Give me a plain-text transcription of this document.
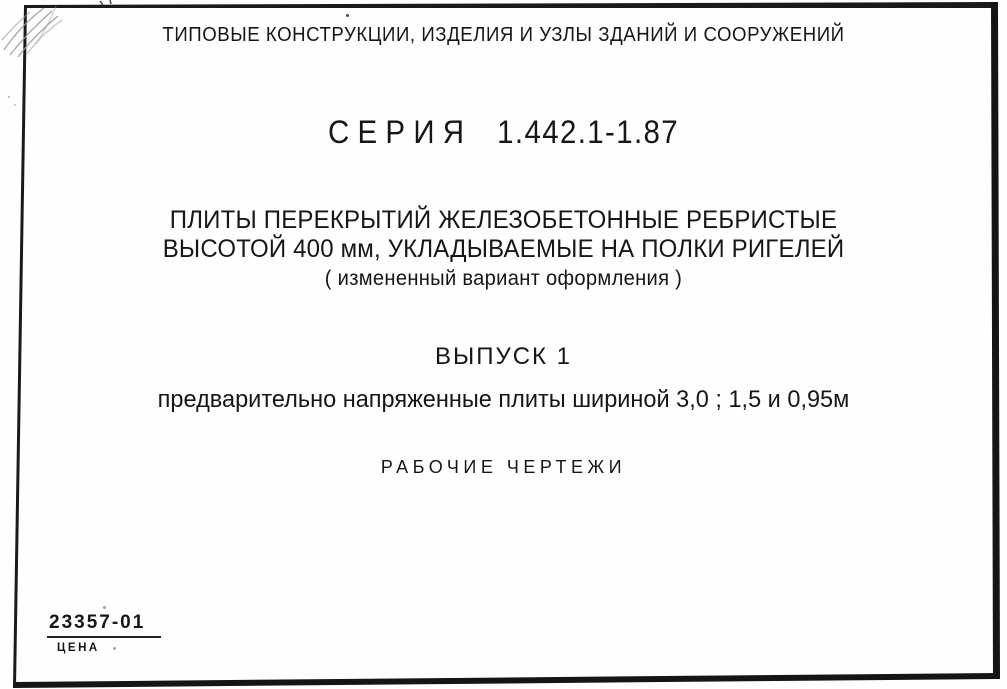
ТИПОВЫЕ КОНСТРУКЦИИ, ИЗДЕЛИЯ И УЗЛЫ ЗДАНИЙ И СООРУЖЕНИЙ
СЕРИЯ 1.442.1-1.87
ПЛИТЫ ПЕРЕКРЫТИЙ ЖЕЛЕЗОБЕТОННЫЕ РЕБРИСТЫЕ
ВЫСОТОЙ 400 мм, УКЛАДЫВАЕМЫЕ НА ПОЛКИ РИГЕЛЕЙ
( измененный вариант оформления )
ВЫПУСК 1
предварительно напряженные плиты шириной 3,0 ; 1,5 и 0,95м
РАБОЧИЕ ЧЕРТЕЖИ
23357-01
ЦЕНА
